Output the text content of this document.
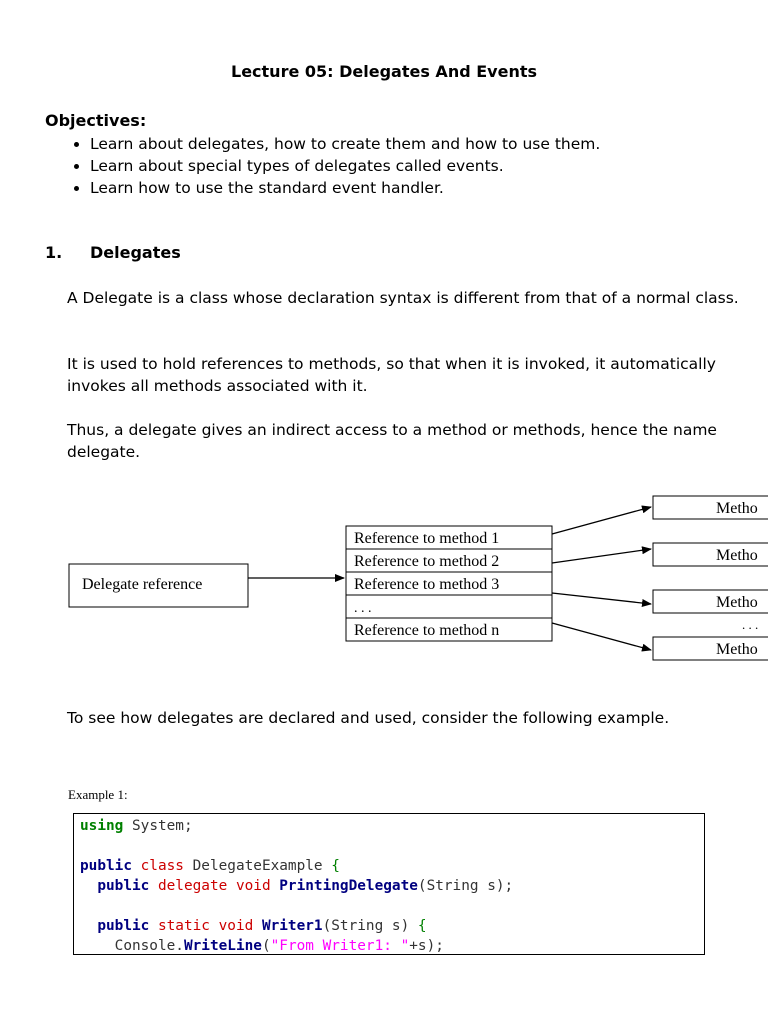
Lecture 05: Delegates And Events
Objectives:
• Learn about delegates, how to create them and how to use them.
• Learn about special types of delegates called events.
• Learn how to use the standard event handler.
1. Delegates
A Delegate is a class whose declaration syntax is different from that of a normal class.
It is used to hold references to methods, so that when it is invoked, it automatically invokes all methods associated with it.
Thus, a delegate gives an indirect access to a method or methods, hence the name delegate.
Delegate reference
Reference to method 1
Reference to method 2
Reference to method 3
. . .
Reference to method n
Metho
Metho
Metho
. . .
Metho
To see how delegates are declared and used, consider the following example.
Example 1:
using System;
public class DelegateExample {
public delegate void PrintingDelegate(String s);
public static void Writer1(String s) {
Console.WriteLine("From Writer1: "+s);
